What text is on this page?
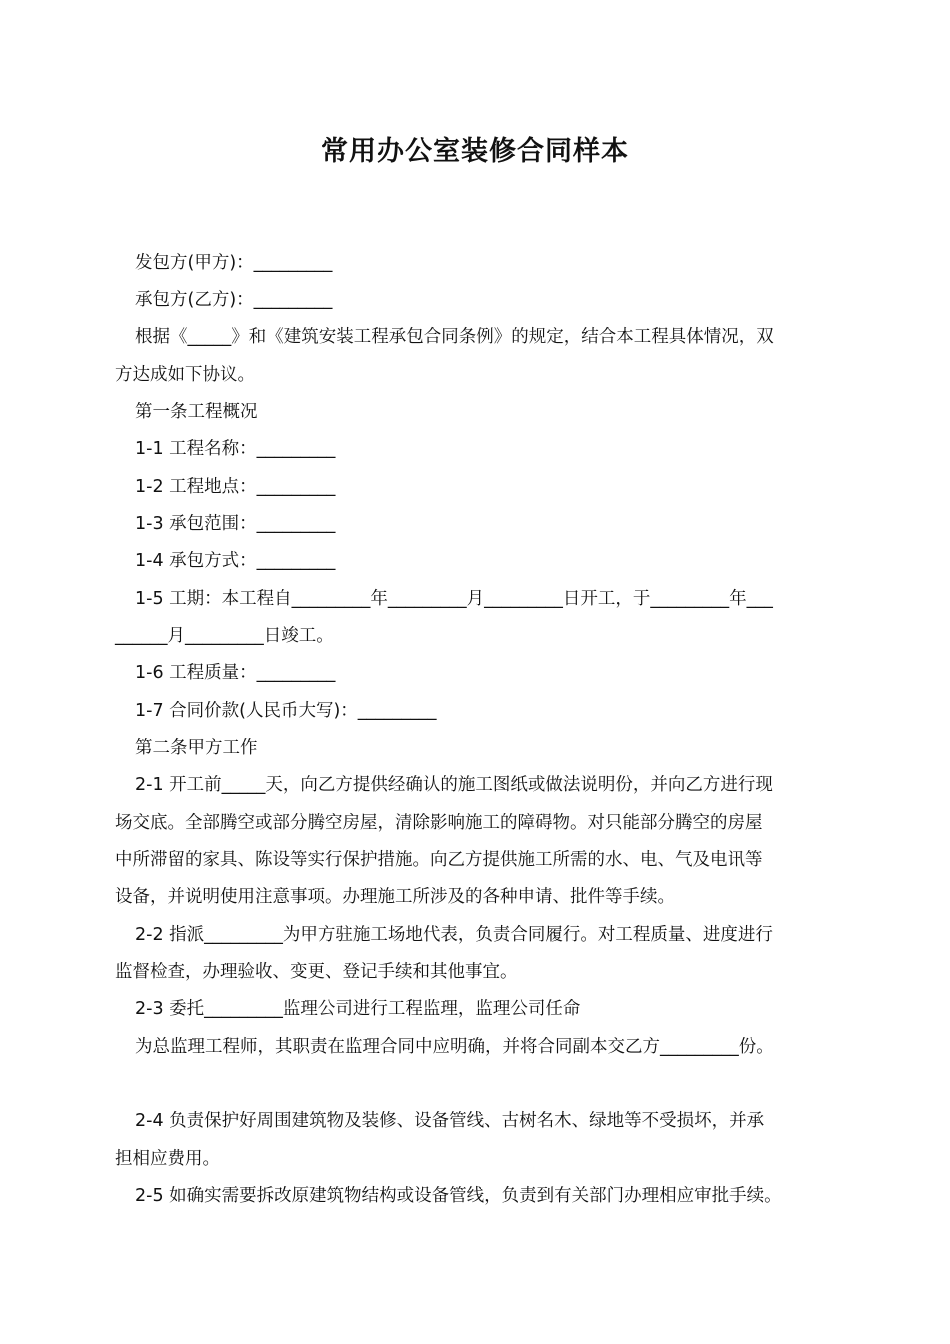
常用办公室装修合同样本
发包方(甲方)：_________
承包方(乙方)：_________
根据《_____》和《建筑安装工程承包合同条例》的规定，结合本工程具体情况，双
方达成如下协议。
第一条工程概况
1-1 工程名称：_________
1-2 工程地点：_________
1-3 承包范围：_________
1-4 承包方式：_________
1-5 工期：本工程自_________年_________月_________日开工，于_________年___
______月_________日竣工。
1-6 工程质量：_________
1-7 合同价款(人民币大写)：_________
第二条甲方工作
2-1 开工前_____天，向乙方提供经确认的施工图纸或做法说明份，并向乙方进行现
场交底。全部腾空或部分腾空房屋，清除影响施工的障碍物。对只能部分腾空的房屋
中所滞留的家具、陈设等实行保护措施。向乙方提供施工所需的水、电、气及电讯等
设备，并说明使用注意事项。办理施工所涉及的各种申请、批件等手续。
2-2 指派_________为甲方驻施工场地代表，负责合同履行。对工程质量、进度进行
监督检查，办理验收、变更、登记手续和其他事宜。
2-3 委托_________监理公司进行工程监理，监理公司任命
为总监理工程师，其职责在监理合同中应明确，并将合同副本交乙方_________份。
2-4 负责保护好周围建筑物及装修、设备管线、古树名木、绿地等不受损坏，并承
担相应费用。
2-5 如确实需要拆改原建筑物结构或设备管线，负责到有关部门办理相应审批手续。
